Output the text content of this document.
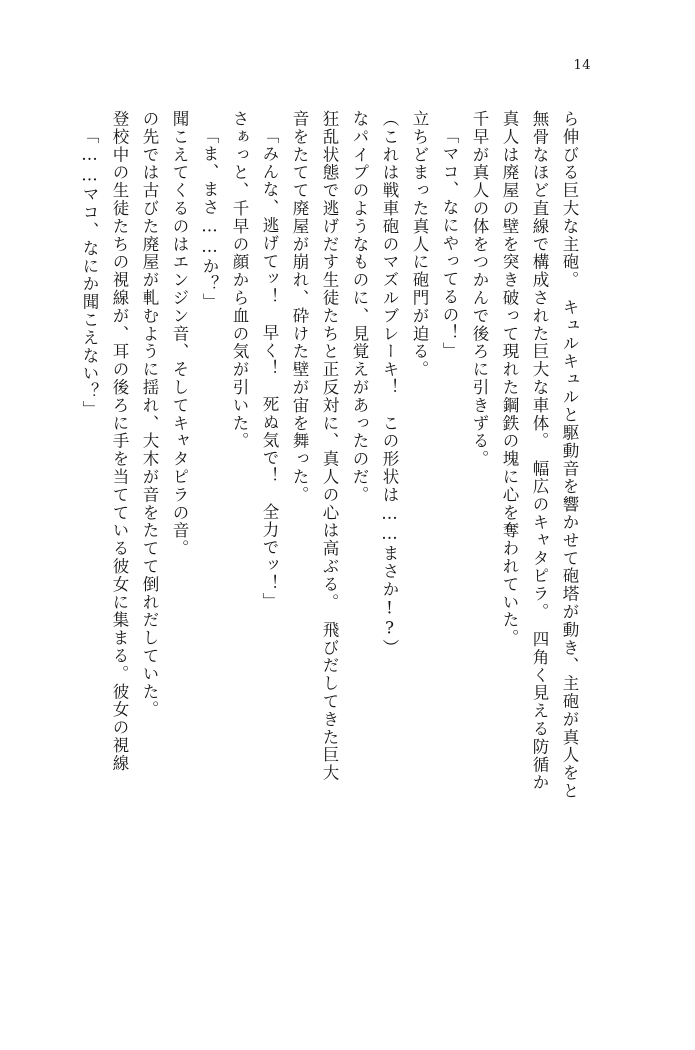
14
「……マコ、なにか聞こえない？」 登校中の生徒たちの視線が、耳の後ろに手を当てている彼女に集まる。彼女の視線 の先では古びた廃屋が軋むように揺れ、大木が音をたてて倒れだしていた。 聞こえてくるのはエンジン音、そしてキャタピラの音。 「ま、まさ……か？」 さぁっと、千早の顔から血の気が引いた。 「みんな、逃げてッ！　早く！　死ぬ気で！　全力でッ！」 音をたてて廃屋が崩れ、砕けた壁が宙を舞った。 狂乱状態で逃げだす生徒たちと正反対に、真人の心は高ぶる。　飛びだしてきた巨大 なパイプのようなものに、見覚えがあったのだ。 （これは戦車砲のマズルブレーキ！　この形状は……まさか!?） 立ちどまった真人に砲門が迫る。 「マコ、なにやってるの！」 千早が真人の体をつかんで後ろに引きずる。 真人は廃屋の壁を突き破って現れた鋼鉄の塊に心を奪われていた。 無骨なほど直線で構成された巨大な車体。　幅広のキャタピラ。　四角く見える防循か ら伸びる巨大な主砲。　キュルキュルと駆動音を響かせて砲塔が動き、主砲が真人をと
